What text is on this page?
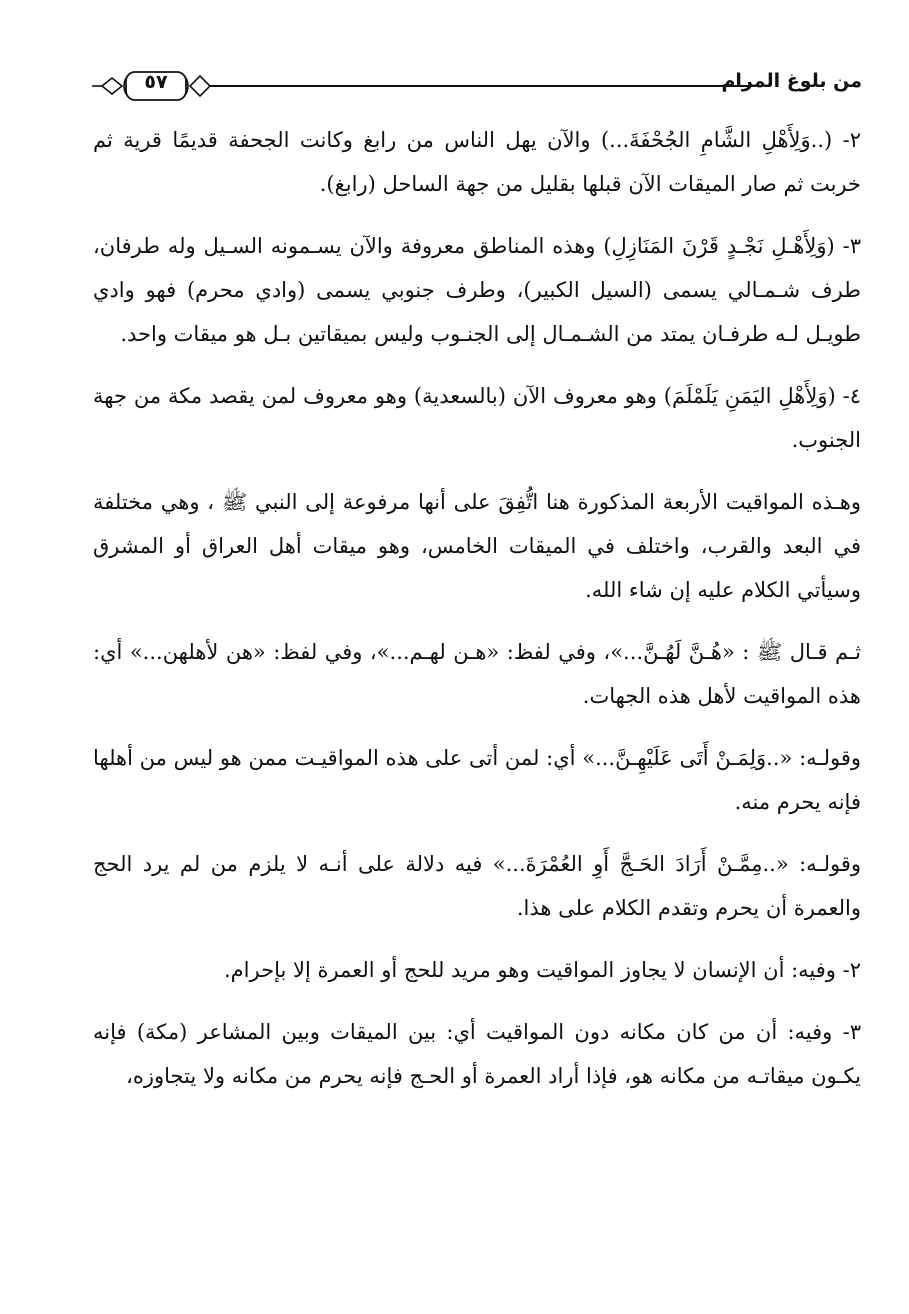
٥٧	من بلوغ المرام

٢- (..وَلِأَهْلِ الشَّامِ الجُحْفَةَ...) والآن يهل الناس من رابغ وكانت الجحفة قديمًا قرية ثم خربت ثم صار الميقات الآن قبلها بقليل من جهة الساحل (رابغ).

٣- (وَلِأَهْـلِ نَجْـدٍ قَرْنَ المَنَازِلِ) وهذه المناطق معروفة والآن يسـمونه السـيل وله طرفان، طرف شـمـالي يسمى (السيل الكبير)، وطرف جنوبي يسمى (وادي محرم) فهو وادي طويـل لـه طرفـان يمتد من الشـمـال إلى الجنـوب وليس بميقاتين بـل هو ميقات واحد.

٤- (وَلِأَهْلِ اليَمَنِ يَلَمْلَمَ) وهو معروف الآن (بالسعدية) وهو معروف لمن يقصد مكة من جهة الجنوب.

وهـذه المواقيت الأربعة المذكورة هنا اتُّفِقَ على أنها مرفوعة إلى النبي ﷺ ، وهي مختلفة في البعد والقرب، واختلف في الميقات الخامس، وهو ميقات أهل العراق أو المشرق وسيأتي الكلام عليه إن شاء الله.

ثـم قـال ﷺ : «هُـنَّ لَهُـنَّ...»، وفي لفظ: «هـن لهـم...»، وفي لفظ: «هن لأهلهن...» أي: هذه المواقيت لأهل هذه الجهات.

وقولـه: «..وَلِمَـنْ أَتَى عَلَيْهِـنَّ...» أي: لمن أتى على هذه المواقيـت ممن هو ليس من أهلها فإنه يحرم منه.

وقولـه: «..مِمَّـنْ أَرَادَ الحَـجَّ أَوِ العُمْرَةَ...» فيه دلالة على أنـه لا يلزم من لم يرد الحج والعمرة أن يحرم وتقدم الكلام على هذا.

٢- وفيه: أن الإنسان لا يجاوز المواقيت وهو مريد للحج أو العمرة إلا بإحرام.

٣- وفيه: أن من كان مكانه دون المواقيت أي: بين الميقات وبين المشاعر (مكة) فإنه يكـون ميقاتـه من مكانه هو، فإذا أراد العمرة أو الحـج فإنه يحرم من مكانه ولا يتجاوزه،
